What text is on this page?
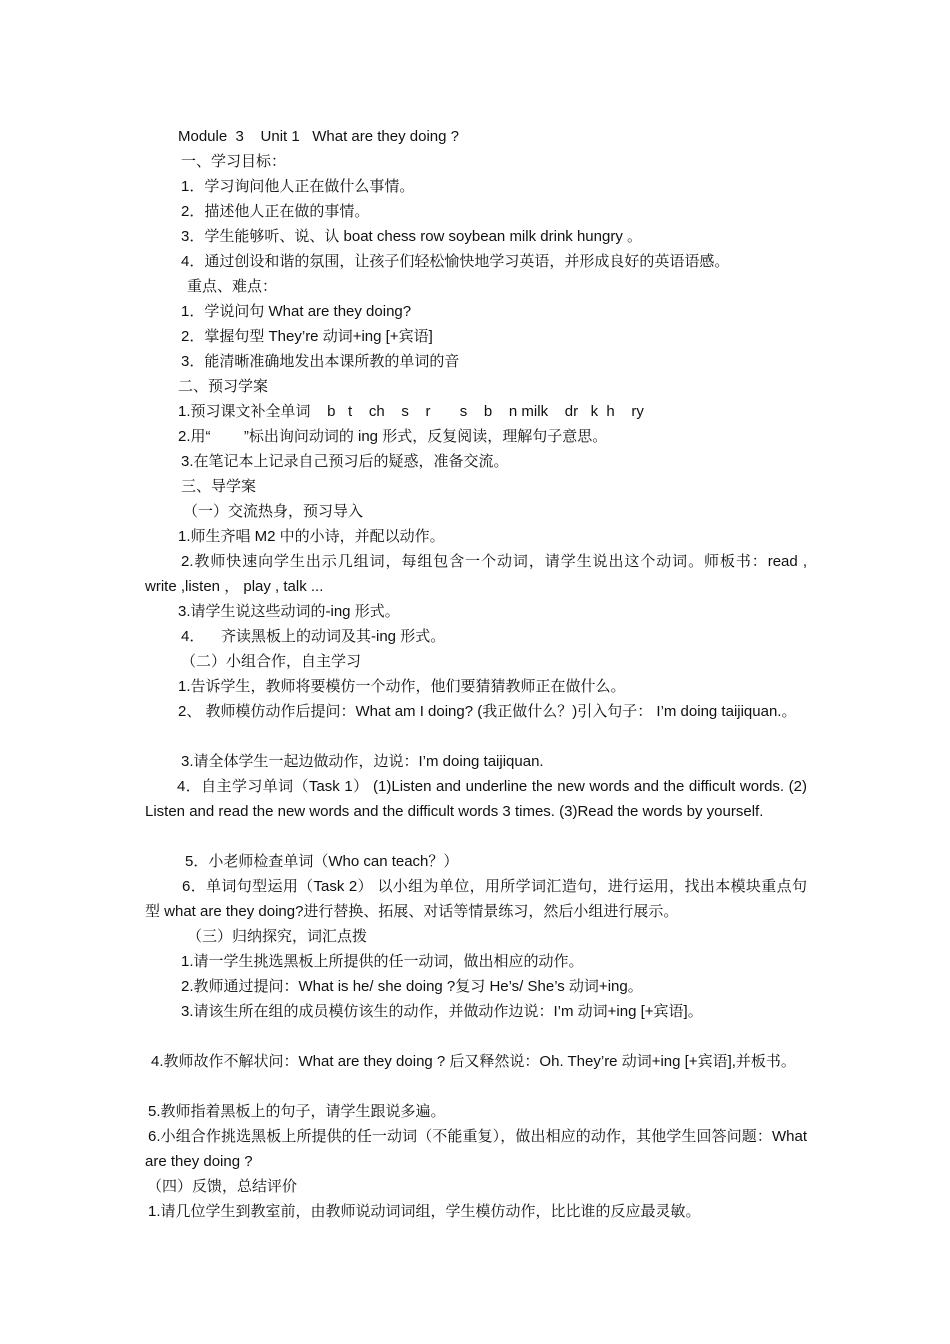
Module  3    Unit 1   What are they doing ?
一、学习目标：
1．学习询问他人正在做什么事情。
2．描述他人正在做的事情。
3．学生能够听、说、认 boat chess row soybean milk drink hungry 。
4．通过创设和谐的氛围，让孩子们轻松愉快地学习英语，并形成良好的英语语感。
重点、难点：
1．学说问句 What are they doing?
2．掌握句型 They’re 动词+ing [+宾语]
3．能清晰准确地发出本课所教的单词的音
二、预习学案
1.预习课文补全单词    b   t    ch    s    r       s    b    n milk    dr   k  h    ry
2.用“        ”标出询问动词的 ing 形式，反复阅读，理解句子意思。
3.在笔记本上记录自己预习后的疑惑，准备交流。
三、导学案
（一）交流热身，预习导入
1.师生齐唱 M2 中的小诗，并配以动作。
2.教师快速向学生出示几组词，每组包含一个动词，请学生说出这个动词。师板书：read , write ,listen ， play , talk ...
3.请学生说这些动词的-ing 形式。
4．    齐读黑板上的动词及其-ing 形式。
（二）小组合作，自主学习
1.告诉学生，教师将要模仿一个动作，他们要猜猜教师正在做什么。
2、 教师模仿动作后提问：What am I doing? (我正做什么？)引入句子： I’m doing taijiquan.。
3.请全体学生一起边做动作，边说：I’m doing taijiquan.
4．自主学习单词（Task 1） (1)Listen and underline the new words and the difficult words. (2) Listen and read the new words and the difficult words 3 times. (3)Read the words by yourself.
5．小老师检查单词（Who can teach？）
6．单词句型运用（Task 2） 以小组为单位，用所学词汇造句，进行运用，找出本模块重点句型 what are they doing?进行替换、拓展、对话等情景练习，然后小组进行展示。
（三）归纳探究，词汇点拨
1.请一学生挑选黑板上所提供的任一动词，做出相应的动作。
2.教师通过提问：What is he/ she doing ?复习 He’s/ She’s 动词+ing。
3.请该生所在组的成员模仿该生的动作，并做动作边说：I’m 动词+ing [+宾语]。
4.教师故作不解状问：What are they doing ? 后又释然说：Oh. They’re 动词+ing [+宾语],并板书。
5.教师指着黑板上的句子，请学生跟说多遍。
6.小组合作挑选黑板上所提供的任一动词（不能重复），做出相应的动作，其他学生回答问题：What are they doing ?
（四）反馈，总结评价
1.请几位学生到教室前，由教师说动词词组，学生模仿动作，比比谁的反应最灵敏。
